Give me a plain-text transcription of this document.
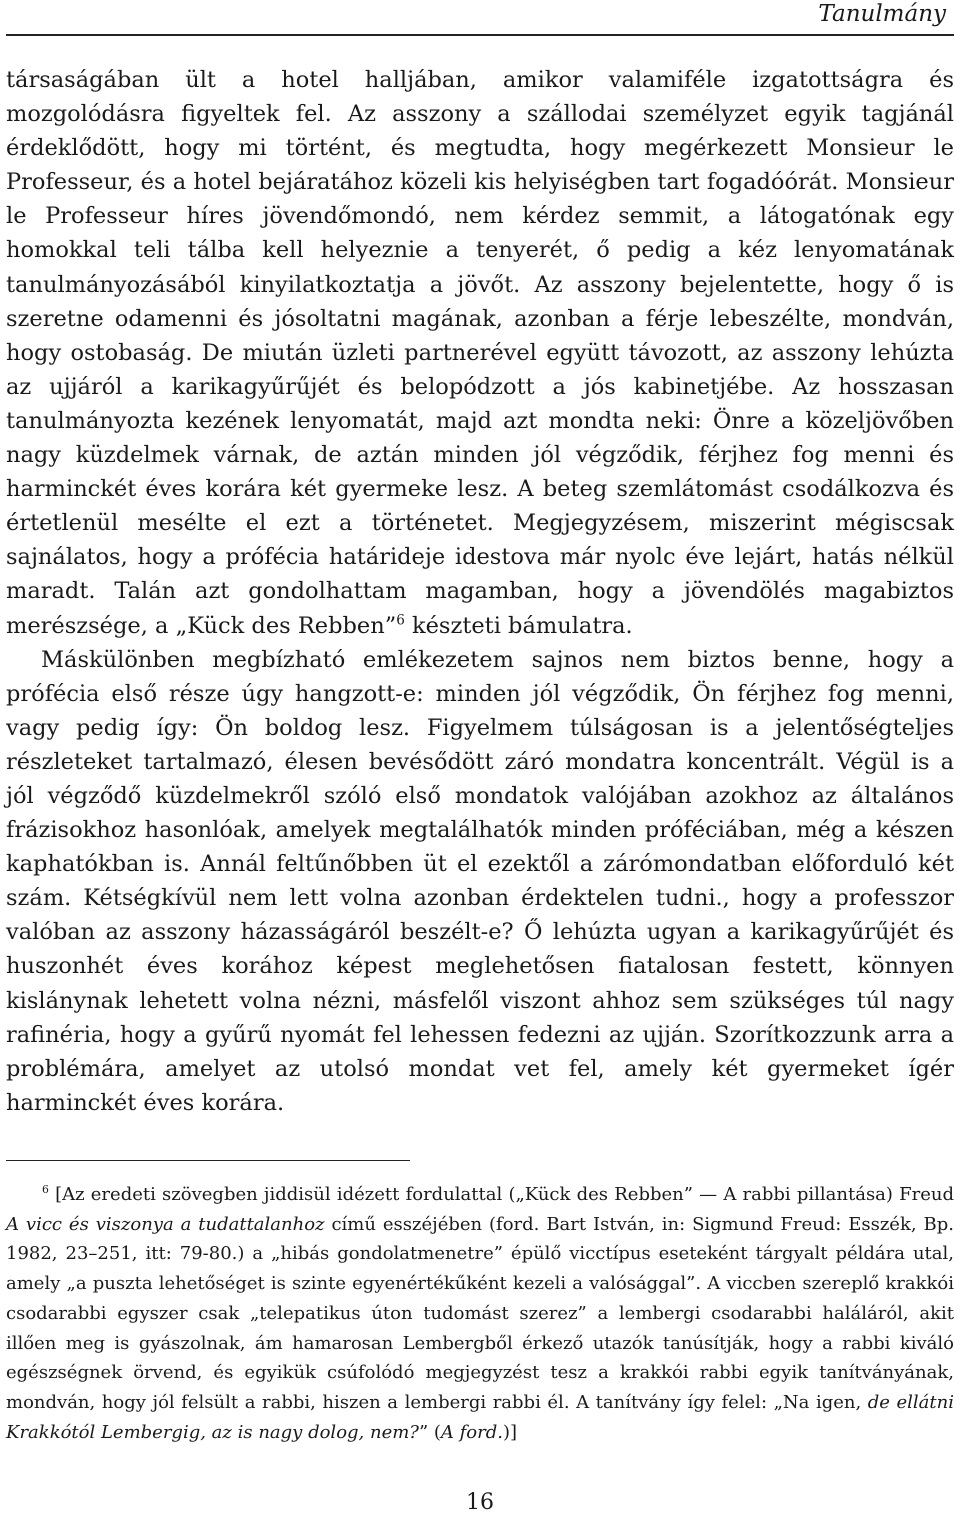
Tanulmány

társaságában ült a hotel halljában, amikor valamiféle izgatottságra és mozgolódásra figyeltek fel. Az asszony a szállodai személyzet egyik tagjánál érdeklődött, hogy mi történt, és megtudta, hogy megérkezett Monsieur le Professeur, és a hotel bejáratához közeli kis helyiségben tart fogadóórát. Monsieur le Professeur híres jövendőmondó, nem kérdez semmit, a látogatónak egy homokkal teli tálba kell helyeznie a tenyerét, ő pedig a kéz lenyomatának tanulmányozásából kinyilatkoztatja a jövőt. Az asszony bejelentette, hogy ő is szeretne odamenni és jósoltatni magának, azonban a férje lebeszélte, mondván, hogy ostobaság. De miután üzleti partnerével együtt távozott, az asszony lehúzta az ujjáról a karikagyűrűjét és belopódzott a jós kabinetjébe. Az hosszasan tanulmányozta kezének lenyomatát, majd azt mondta neki: Önre a közeljövőben nagy küzdelmek várnak, de aztán minden jól végződik, férjhez fog menni és harminckét éves korára két gyermeke lesz. A beteg szemlátomást csodálkozva és értetlenül mesélte el ezt a történetet. Megjegyzésem, miszerint mégiscsak sajnálatos, hogy a prófécia határideje idestova már nyolc éve lejárt, hatás nélkül maradt. Talán azt gondolhattam magamban, hogy a jövendölés magabiztos merészsége, a „Kück des Rebben”$^6$ készteti bámulatra.

Máskülönben megbízható emlékezetem sajnos nem biztos benne, hogy a prófécia első része úgy hangzott-e: minden jól végződik, Ön férjhez fog menni, vagy pedig így: Ön boldog lesz. Figyelmem túlságosan is a jelentőségteljes részleteket tartalmazó, élesen bevésődött záró mondatra koncentrált. Végül is a jól végződő küzdelmekről szóló első mondatok valójában azokhoz az általános frázisokhoz hasonlóak, amelyek megtalálhatók minden próféciában, még a készen kaphatókban is. Annál feltűnőbben üt el ezektől a zárómondatban előforduló két szám. Kétségkívül nem lett volna azonban érdektelen tudni., hogy a professzor valóban az asszony házasságáról beszélt-e? Ő lehúzta ugyan a karikagyűrűjét és huszonhét éves korához képest meglehetősen fiatalosan festett, könnyen kislánynak lehetett volna nézni, másfelől viszont ahhoz sem szükséges túl nagy rafinéria, hogy a gyűrű nyomát fel lehessen fedezni az ujján. Szorítkozzunk arra a problémára, amelyet az utolsó mondat vet fel, amely két gyermeket ígér harminckét éves korára.

$^6$ [Az eredeti szövegben jiddisül idézett fordulattal („Kück des Rebben” — A rabbi pillantása) Freud A vicc és viszonya a tudattalanhoz című esszéjében (ford. Bart István, in: Sigmund Freud: Esszék, Bp. 1982, 23–251, itt: 79-80.) a „hibás gondolatmenetre” épülő vicctípus eseteként tárgyalt példára utal, amely „a puszta lehetőséget is szinte egyenértékűként kezeli a valósággal”. A viccben szereplő krakkói csodarabbi egyszer csak „telepatikus úton tudomást szerez” a lembergi csodarabbi haláláról, akit illően meg is gyászolnak, ám hamarosan Lembergből érkező utazók tanúsítják, hogy a rabbi kiváló egészségnek örvend, és egyikük csúfolódó megjegyzést tesz a krakkói rabbi egyik tanítványának, mondván, hogy jól felsült a rabbi, hiszen a lembergi rabbi él. A tanítvány így felel: „Na igen, de ellátni Krakkótól Lembergig, az is nagy dolog, nem?” (A ford.)]
16
